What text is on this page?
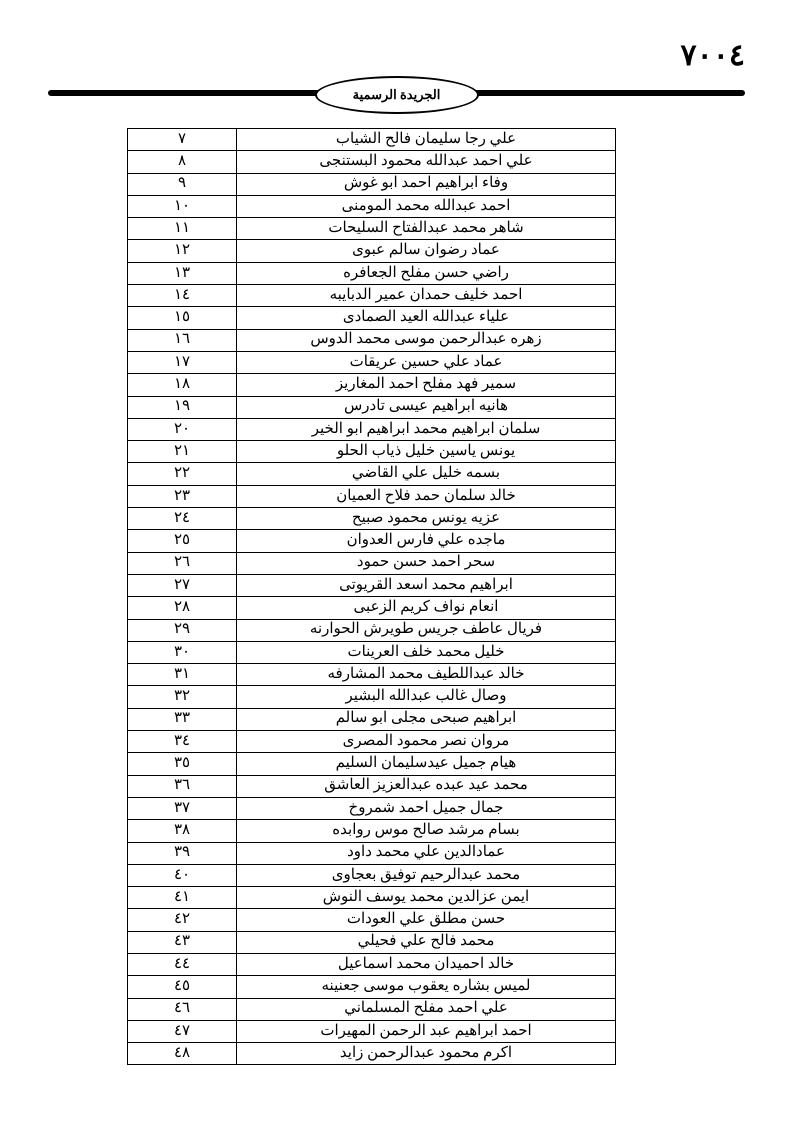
٧٠٠٤
الجريدة الرسمية
علي رجا سليمان فالح الشياب	٧
علي احمد عبدالله محمود البستنجى	٨
وفاء ابراهيم احمد ابو غوش	٩
احمد عبدالله محمد المومنى	١٠
شاهر محمد عبدالفتاح السليحات	١١
عماد رضوان سالم عبوى	١٢
راضي حسن مفلح الجعافره	١٣
احمد خليف حمدان عمير الدبايبه	١٤
علياء عبدالله العيد الصمادى	١٥
زهره عبدالرحمن موسى محمد الدوس	١٦
عماد علي حسين عريقات	١٧
سمير فهد مفلح احمد المغاريز	١٨
هانيه ابراهيم عيسى تادرس	١٩
سلمان ابراهيم محمد ابراهيم ابو الخير	٢٠
يونس ياسين خليل ذياب الحلو	٢١
بسمه خليل علي القاضي	٢٢
خالد سلمان حمد فلاح العميان	٢٣
عزيه يونس محمود صبيح	٢٤
ماجده علي فارس العدوان	٢٥
سحر احمد حسن حمود	٢٦
ابراهيم محمد اسعد القريوتى	٢٧
انعام نواف كريم الزعبى	٢٨
فريال عاطف جريس طويرش الحوارنه	٢٩
خليل محمد خلف العرينات	٣٠
خالد عبداللطيف محمد المشارفه	٣١
وصال غالب عبدالله البشير	٣٢
ابراهيم صبحى مجلى ابو سالم	٣٣
مروان نصر محمود المصرى	٣٤
هيام جميل عيدسليمان السليم	٣٥
محمد عيد عبده عبدالعزيز العاشق	٣٦
جمال جميل احمد شمروخ	٣٧
بسام مرشد صالح موس روابده	٣٨
عمادالدين علي محمد داود	٣٩
محمد عبدالرحيم توفيق بعجاوى	٤٠
ايمن عزالدين محمد يوسف النوش	٤١
حسن مطلق علي العودات	٤٢
محمد فالح علي فحيلي	٤٣
خالد احميدان محمد اسماعيل	٤٤
لميس بشاره يعقوب موسى جعنينه	٤٥
علي احمد مفلح المسلماني	٤٦
احمد ابراهيم عبد الرحمن المهيرات	٤٧
اكرم محمود عبدالرحمن زايد	٤٨
